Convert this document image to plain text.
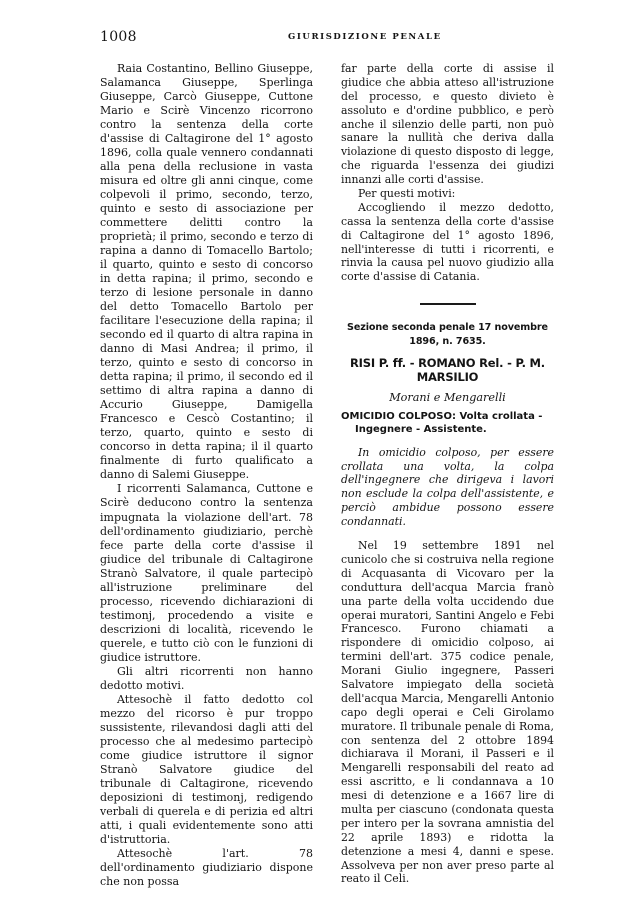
1008	GIURISDIZIONE PENALE

Raia Costantino, Bellino Giuseppe, Salamanca Giuseppe, Sperlinga Giuseppe, Carcò Giuseppe, Cuttone Mario e Scirè Vincenzo ricorrono contro la sentenza della corte d'assise di Caltagirone del 1° agosto 1896, colla quale vennero condannati alla pena della reclusione in vasta misura ed oltre gli anni cinque, come colpevoli il primo, secondo, terzo, quinto e sesto di associazione per commettere delitti contro la proprietà; il primo, secondo e terzo di rapina a danno di Tomacello Bartolo; il quarto, quinto e sesto di concorso in detta rapina; il primo, secondo e terzo di lesione personale in danno del detto Tomacello Bartolo per facilitare l'esecuzione della rapina; il secondo ed il quarto di altra rapina in danno di Masi Andrea; il primo, il terzo, quinto e sesto di concorso in detta rapina; il primo, il secondo ed il settimo di altra rapina a danno di Accurio Giuseppe, Damigella Francesco e Cescò Costantino; il terzo, quarto, quinto e sesto di concorso in detta rapina; il il quarto finalmente di furto qualificato a danno di Salemi Giuseppe.

I ricorrenti Salamanca, Cuttone e Scirè deducono contro la sentenza impugnata la violazione dell'art. 78 dell'ordinamento giudiziario, perchè fece parte della corte d'assise il giudice del tribunale di Caltagirone Stranò Salvatore, il quale partecipò all'istruzione preliminare del processo, ricevendo dichiarazioni di testimonj, procedendo a visite e descrizioni di località, ricevendo le querele, e tutto ciò con le funzioni di giudice istruttore.

Gli altri ricorrenti non hanno dedotto motivi.

Attesochè il fatto dedotto col mezzo del ricorso è pur troppo sussistente, rilevandosi dagli atti del processo che al medesimo partecipò come giudice istruttore il signor Stranò Salvatore giudice del tribunale di Caltagirone, ricevendo deposizioni di testimonj, redigendo verbali di querela e di perizia ed altri atti, i quali evidentemente sono atti d'istruttoria.

Attesochè l'art. 78 dell'ordinamento giudiziario dispone che non possa

far parte della corte di assise il giudice che abbia atteso all'istruzione del processo, e questo divieto è assoluto e d'ordine pubblico, e però anche il silenzio delle parti, non può sanare la nullità che deriva dalla violazione di questo disposto di legge, che riguarda l'essenza dei giudizi innanzi alle corti d'assise.

Per questi motivi:

Accogliendo il mezzo dedotto, cassa la sentenza della corte d'assise di Caltagirone del 1° agosto 1896, nell'interesse di tutti i ricorrenti, e rinvia la causa pel nuovo giudizio alla corte d'assise di Catania.

Sezione seconda penale 17 novembre 1896, n. 7635.
RISI P. ff. - ROMANO Rel. - P. M. MARSILIO
Morani e Mengarelli
OMICIDIO COLPOSO: Volta crollata - Ingegnere - Assistente.

In omicidio colposo, per essere crollata una volta, la colpa dell'ingegnere che dirigeva i lavori non esclude la colpa dell'assistente, e perciò ambidue possono essere condannati.

Nel 19 settembre 1891 nel cunicolo che si costruiva nella regione di Acquasanta di Vicovaro per la conduttura dell'acqua Marcia franò una parte della volta uccidendo due operai muratori, Santini Angelo e Febi Francesco. Furono chiamati a rispondere di omicidio colposo, ai termini dell'art. 375 codice penale, Morani Giulio ingegnere, Passeri Salvatore impiegato della società dell'acqua Marcia, Mengarelli Antonio capo degli operai e Celi Girolamo muratore. Il tribunale penale di Roma, con sentenza del 2 ottobre 1894 dichiarava il Morani, il Passeri e il Mengarelli responsabili del reato ad essi ascritto, e li condannava a 10 mesi di detenzione e a 1667 lire di multa per ciascuno (condonata questa per intero per la sovrana amnistia del 22 aprile 1893) e ridotta la detenzione a mesi 4, danni e spese. Assolveva per non aver preso parte al reato il Celi.
